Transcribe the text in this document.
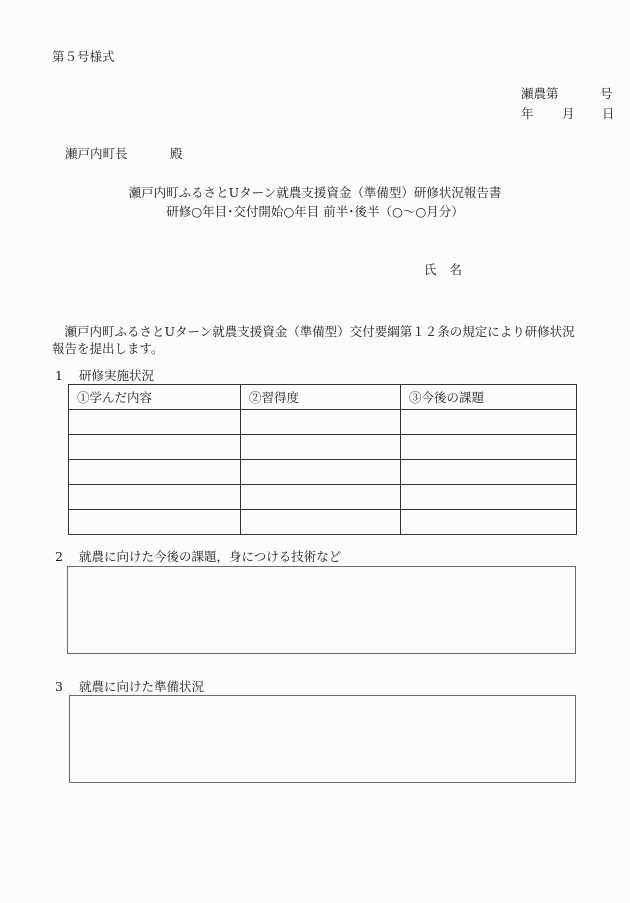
第５号様式
瀬農第	号
年 月 日
瀬戸内町長	殿
瀬戸内町ふるさとUターン就農支援資金（準備型）研修状況報告書
研修○年目･交付開始○年目 前半･後半（○～○月分）
氏 名
　瀬戸内町ふるさとUターン就農支援資金（準備型）交付要綱第１２条の規定により研修状況報告を提出します。
1 研修実施状況
①学んだ内容	②習得度	③今後の課題

2 就農に向けた今後の課題，身につける技術など
3 就農に向けた準備状況
